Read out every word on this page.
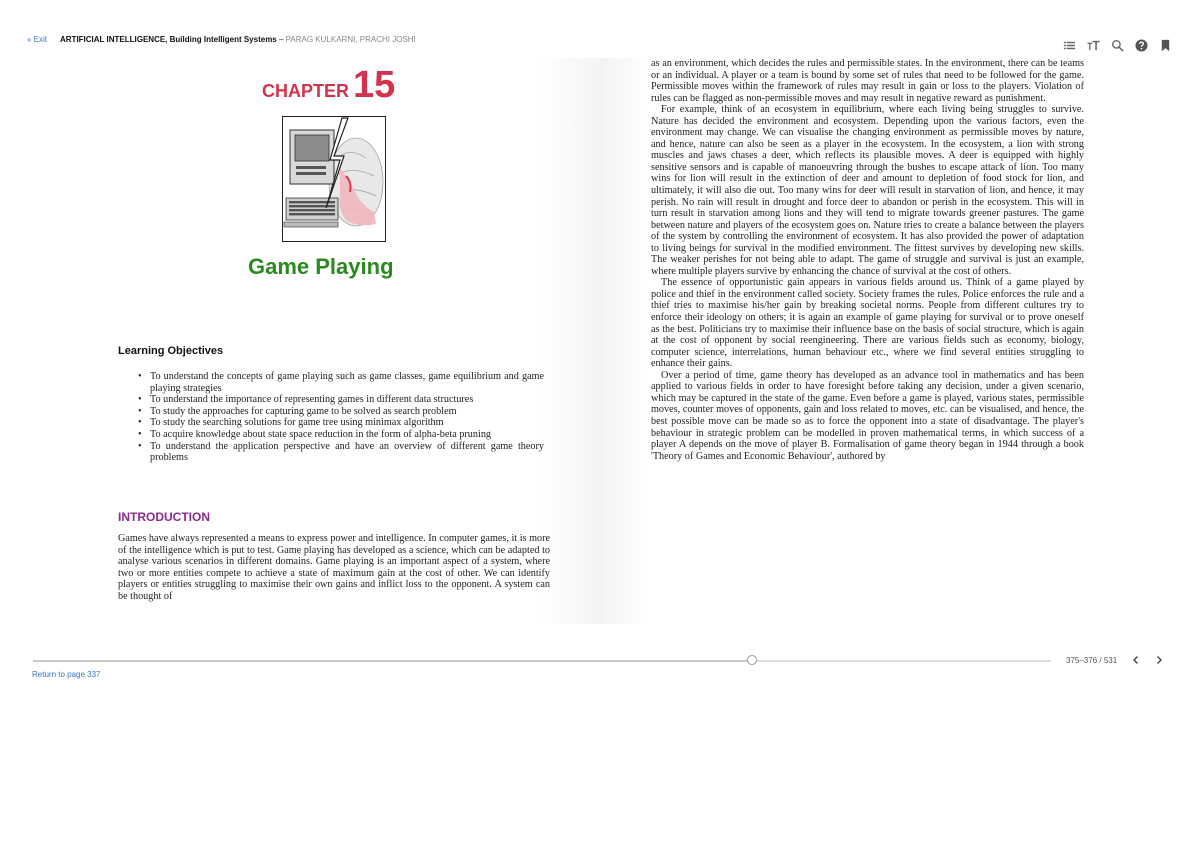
« Exit ARTIFICIAL INTELLIGENCE, Building Intelligent Systems – PARAG KULKARNI, PRACHI JOSHI
CHAPTER 15
Game Playing
Learning Objectives
• To understand the concepts of game playing such as game classes, game equilibrium and game playing strategies
• To understand the importance of representing games in different data structures
• To study the approaches for capturing game to be solved as search problem
• To study the searching solutions for game tree using minimax algorithm
• To acquire knowledge about state space reduction in the form of alpha-beta pruning
• To understand the application perspective and have an overview of different game theory problems
INTRODUCTION
Games have always represented a means to express power and intelligence. In computer games, it is more of the intelligence which is put to test. Game playing has developed as a science, which can be adapted to analyse various scenarios in different domains. Game playing is an important aspect of a system, where two or more entities compete to achieve a state of maximum gain at the cost of other. We can identify players or entities struggling to maximise their own gains and inflict loss to the opponent. A system can be thought of

as an environment, which decides the rules and permissible states. In the environment, there can be teams or an individual. A player or a team is bound by some set of rules that need to be followed for the game. Permissible moves within the framework of rules may result in gain or loss to the players. Violation of rules can be flagged as non-permissible moves and may result in negative reward as punishment.

For example, think of an ecosystem in equilibrium, where each living being struggles to survive. Nature has decided the environment and ecosystem. Depending upon the various factors, even the environment may change. We can visualise the changing environment as permissible moves by nature, and hence, nature can also be seen as a player in the ecosystem. In the ecosystem, a lion with strong muscles and jaws chases a deer, which reflects its plausible moves. A deer is equipped with highly sensitive sensors and is capable of manoeuvring through the bushes to escape attack of lion. Too many wins for lion will result in the extinction of deer and amount to depletion of food stock for lion, and ultimately, it will also die out. Too many wins for deer will result in starvation of lion, and hence, it may perish. No rain will result in drought and force deer to abandon or perish in the ecosystem. This will in turn result in starvation among lions and they will tend to migrate towards greener pastures. The game between nature and players of the ecosystem goes on. Nature tries to create a balance between the players of the system by controlling the environment of ecosystem. It has also provided the power of adaptation to living beings for survival in the modified environment. The fittest survives by developing new skills. The weaker perishes for not being able to adapt. The game of struggle and survival is just an example, where multiple players survive by enhancing the chance of survival at the cost of others.

The essence of opportunistic gain appears in various fields around us. Think of a game played by police and thief in the environment called society. Society frames the rules. Police enforces the rule and a thief tries to maximise his/her gain by breaking societal norms. People from different cultures try to enforce their ideology on others; it is again an example of game playing for survival or to prove oneself as the best. Politicians try to maximise their influence base on the basis of social structure, which is again at the cost of opponent by social reengineering. There are various fields such as economy, biology, computer science, interrelations, human behaviour etc., where we find several entities struggling to enhance their gains.

Over a period of time, game theory has developed as an advance tool in mathematics and has been applied to various fields in order to have foresight before taking any decision, under a given scenario, which may be captured in the state of the game. Even before a game is played, various states, permissible moves, counter moves of opponents, gain and loss related to moves, etc. can be visualised, and hence, the best possible move can be made so as to force the opponent into a state of disadvantage. The player's behaviour in strategic problem can be modelled in proven mathematical terms, in which success of a player A depends on the move of player B. Formalisation of game theory began in 1944 through a book 'Theory of Games and Economic Behaviour', authored by

375–376 / 531
Return to page 337
